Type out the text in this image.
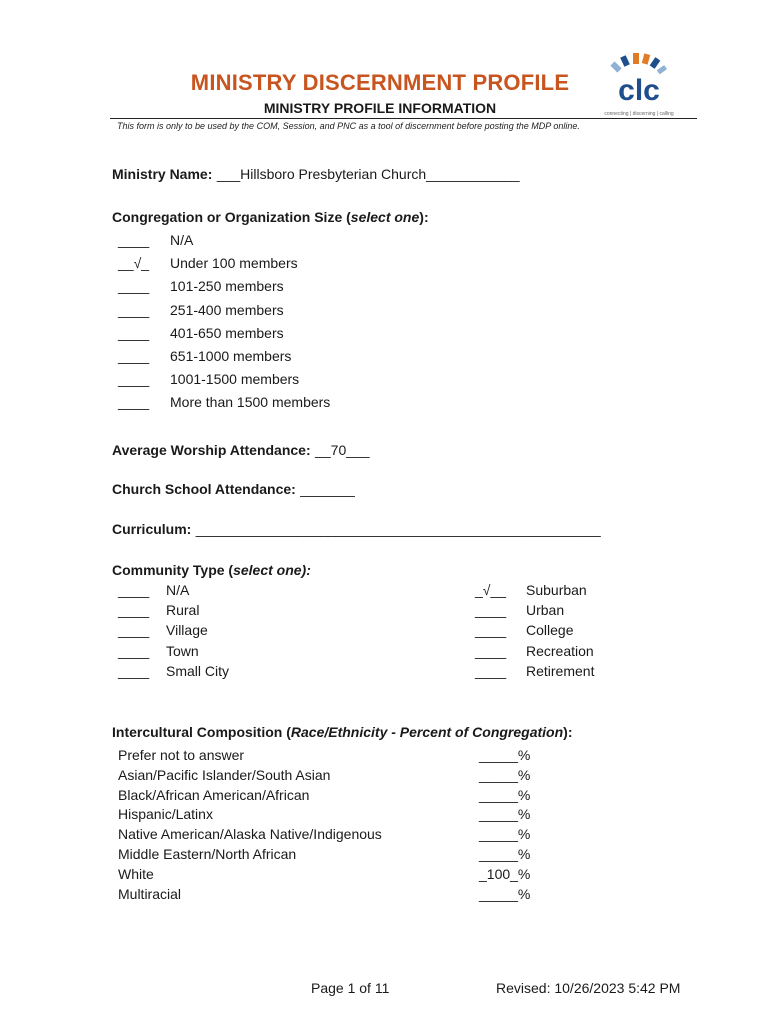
MINISTRY DISCERNMENT PROFILE
MINISTRY PROFILE INFORMATION
This form is only to be used by the COM, Session, and PNC as a tool of discernment before posting the MDP online.
clc
connecting | discerning | calling
Ministry Name: ___Hillsboro Presbyterian Church____________
Congregation or Organization Size (select one):
____ N/A
__√_ Under 100 members
____ 101-250 members
____ 251-400 members
____ 401-650 members
____ 651-1000 members
____ 1001-1500 members
____ More than 1500 members
Average Worship Attendance: __70___
Church School Attendance: _______
Curriculum: ____________________________________________________
Community Type (select one):
____ N/A
____ Rural
____ Village
____ Town
____ Small City
_√__ Suburban
____ Urban
____ College
____ Recreation
____ Retirement
Intercultural Composition (Race/Ethnicity - Percent of Congregation):
Prefer not to answer	_____%
Asian/Pacific Islander/South Asian	_____%
Black/African American/African	_____%
Hispanic/Latinx	_____%
Native American/Alaska Native/Indigenous	_____%
Middle Eastern/North African	_____%
White	_100_%
Multiracial	_____%
Page 1 of 11	Revised: 10/26/2023 5:42 PM
